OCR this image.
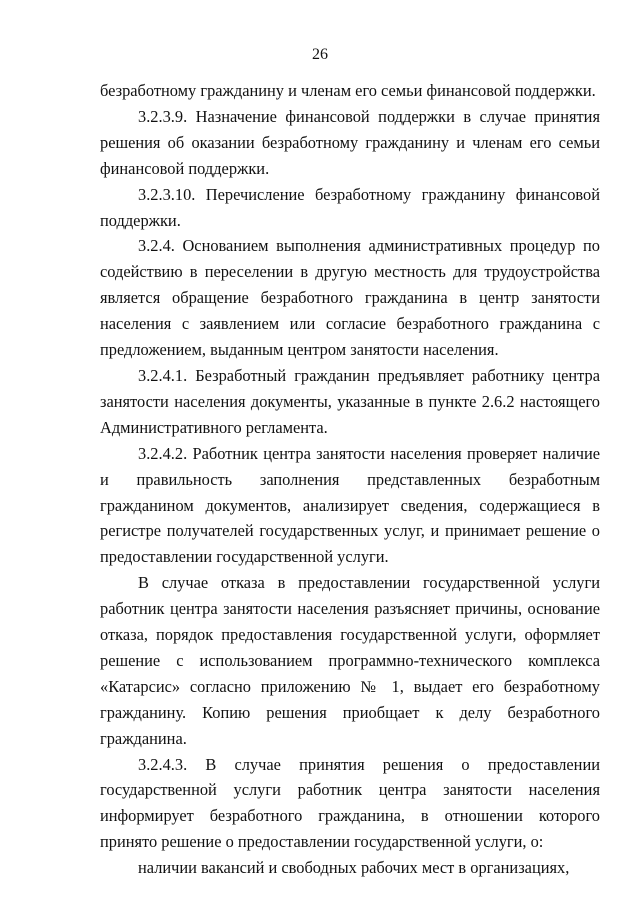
26

безработному гражданину и членам его семьи финансовой поддержки.

3.2.3.9. Назначение финансовой поддержки в случае принятия решения об оказании безработному гражданину и членам его семьи финансовой поддержки.

3.2.3.10. Перечисление безработному гражданину финансовой поддержки.

3.2.4. Основанием выполнения административных процедур по содействию в переселении в другую местность для трудоустройства является обращение безработного гражданина в центр занятости населения с заявлением или согласие безработного гражданина с предложением, выданным центром занятости населения.

3.2.4.1. Безработный гражданин предъявляет работнику центра занятости населения документы, указанные в пункте 2.6.2 настоящего Административного регламента.

3.2.4.2. Работник центра занятости населения проверяет наличие и правильность заполнения представленных безработным гражданином документов, анализирует сведения, содержащиеся в регистре получателей государственных услуг, и принимает решение о предоставлении государственной услуги.

В случае отказа в предоставлении государственной услуги работник центра занятости населения разъясняет причины, основание отказа, порядок предоставления государственной услуги, оформляет решение с использованием программно-технического комплекса «Катарсис» согласно приложению № 1, выдает его безработному гражданину. Копию решения приобщает к делу безработного гражданина.

3.2.4.3. В случае принятия решения о предоставлении государственной услуги работник центра занятости населения информирует безработного гражданина, в отношении которого принято решение о предоставлении государственной услуги, о:

наличии вакансий и свободных рабочих мест в организациях,
